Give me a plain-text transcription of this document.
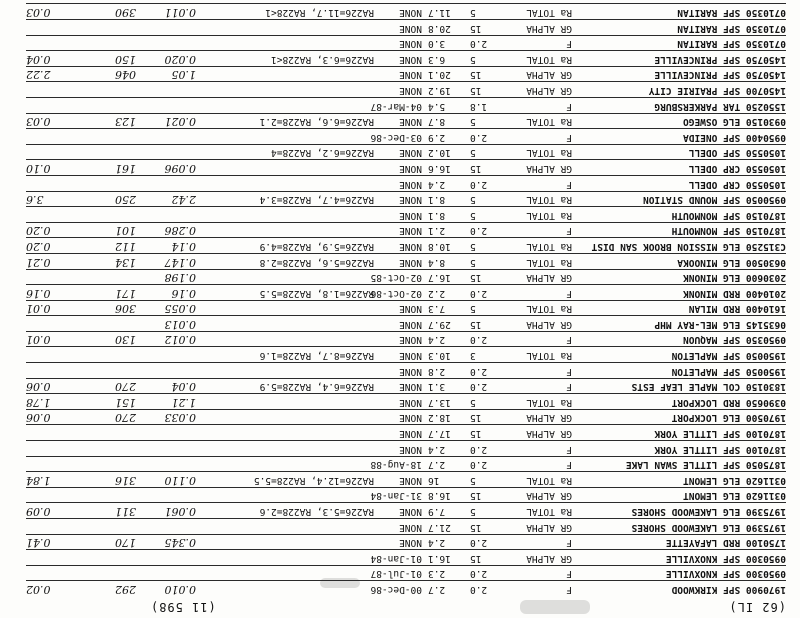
(62 IL)
(11 598)
1970900 SPF KIRKWOOD
F
2.0
2.7
00-Dec-86
0.010
292
0.02
0950300 SPF KNOXVILLE
F
2.0
2.3
01-Jul-87
0950300 SPF KNOXVILLE
GR ALPHA
15
16.1
01-Jan-84
1750100 RRD LAFAYETTE
F
2.0
2.4
NONE
0.345
170
0.41
1975390 ELG LAKEWOOD SHORES
GR ALPHA
15
21.7
NONE
1975390 ELG LAKEWOOD SHORES
Ra TOTAL
5
7.9
NONE
RA226=5.3, RA228=2.6
0.061
311
0.09
0311620 ELG LEMONT
GR ALPHA
15
16.8
31-Jan-84
0311620 ELG LEMONT
Ra TOTAL
5
16
NONE
RA226=12.4, RA228=5.5
0.110
316
1.84
1875050 SPF LITTLE SWAN LAKE
F
2.0
2.7
18-Aug-88
1870100 SPF LITTLE YORK
F
2.0
2.4
NONE
1870100 SPF LITTLE YORK
GR ALPHA
15
17.7
NONE
1970500 ELG LOCKPORT
GR ALPHA
15
18.2
NONE
0.033
270
0.06
0390650 RRD LOCKPORT
Ra TOTAL
5
13.7
NONE
1.21
151
1.78
1830150 COL MAPLE LEAF ESTS
F
2.0
3.1
NONE
RA226=6.4, RA228=5.9
0.04
270
0.06
1950050 SPF MAPLETON
F
2.0
2.8
NONE
1950050 SPF MAPLETON
Ra TOTAL
3
10.3
NONE
RA226=8.7, RA228=1.6
0950350 SPF MAQUON
F
2.0
2.4
NONE
0.012
130
0.01
0635145 ELG MEL-RAY MHP
GR ALPHA
15
29.7
NONE
0.013
1610400 RRD MILAN
Ra TOTAL
5
7.3
NONE
0.055
306
0.01
2010400 RRD MINONK
F
2.0
2.2
02-Oct-86
RA226=1.8, RA228=5.5
0.16
171
0.16
2030600 ELG MINONK
GR ALPHA
15
16.7
02-Oct-85
0.198
0630500 ELG MINOOKA
Ra TOTAL
5
8.4
NONE
RA226=5.6, RA228=2.8
0.147
134
0.21
C315250 ELG MISSION BROOK SAN DIST
Ra TOTAL
5
10.8
NONE
RA226=5.9, RA228=4.9
0.14
112
0.20
1870150 SPF MONMOUTH
F
2.0
2.1
NONE
0.286
101
0.20
1870150 SPF MONMOUTH
Ra TOTAL
5
8.1
NONE
0950050 SPF MOUND STATION
Ra TOTAL
5
8.1
NONE
RA226=4.7, RA228=3.4
2.42
250
3.6
1050550 CRP ODELL
F
2.0
2.4
NONE
1050550 CRP ODELL
GR ALPHA
15
16.6
NONE
0.096
161
0.10
1050550 SPF ODELL
Ra TOTAL
5
10.2
NONE
RA226=6.2, RA228=4
0950400 SPF ONEIDA
F
2.0
2.9
03-Dec-86
0930150 ELG OSWEGO
Ra TOTAL
5
8.7
NONE
RA226=6.6, RA228=2.1
0.021
123
0.03
1550250 TAR PARKERSBURG
F
1.8
5.4
04-Mar-87
1450700 SPF PRAIRIE CITY
GR ALPHA
15
19.2
NONE
1450750 SPF PRINCEVILLE
GR ALPHA
15
20.1
NONE
1.05
046
2.22
1450750 SPF PRINCEVILLE
Ra TOTAL
5
6.3
NONE
RA226=6.3, RA228<1
0.020
150
0.04
0710350 SPF RARITAN
F
2.0
3.0
NONE
0710350 SPF RARITAN
GR ALPHA
15
20.8
NONE
0710350 SPF RARITAN
Ra TOTAL
5
11.7
NONE
RA226=11.7, RA228<1
0.011
390
0.03
